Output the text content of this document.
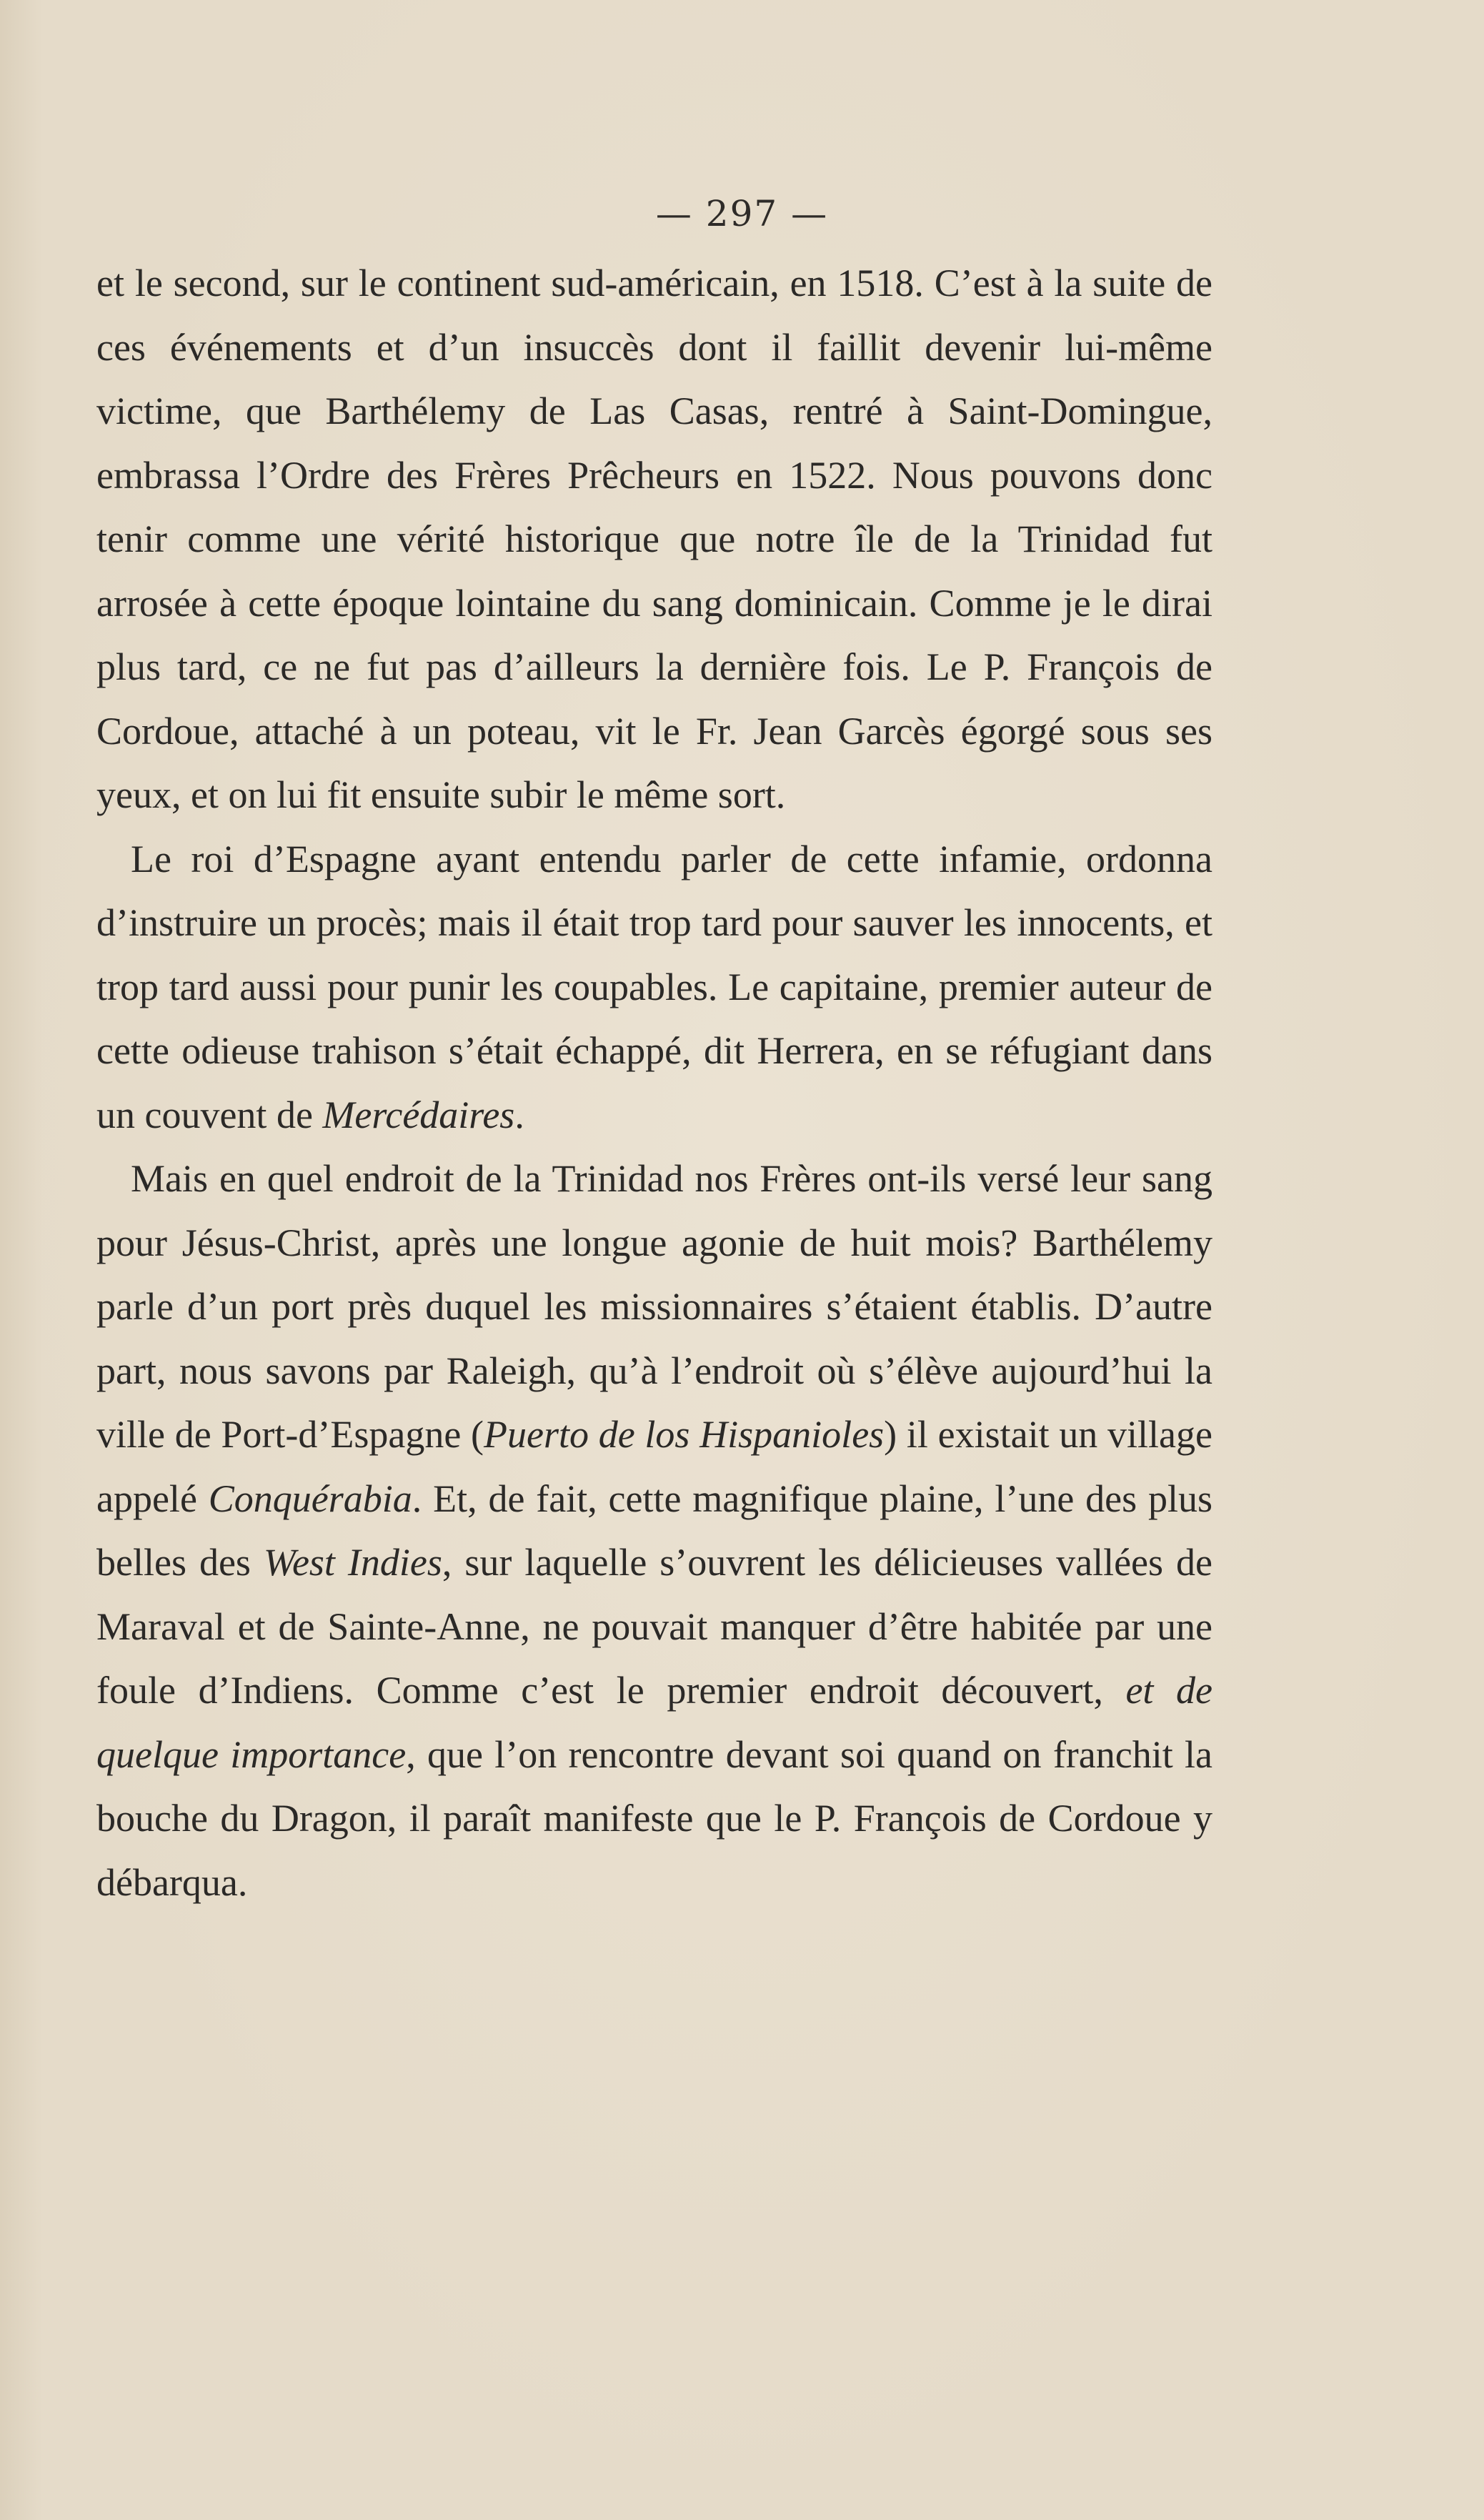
— 297 —

et le second, sur le continent sud-américain, en 1518. C’est à la suite de ces événements et d’un insuccès dont il faillit devenir lui-même victime, que Barthélemy de Las Casas, rentré à Saint-Domingue, embrassa l’Ordre des Frères Prêcheurs en 1522. Nous pouvons donc tenir comme une vérité historique que notre île de la Trinidad fut arrosée à cette époque lointaine du sang dominicain. Comme je le dirai plus tard, ce ne fut pas d’ailleurs la dernière fois. Le P. François de Cordoue, attaché à un poteau, vit le Fr. Jean Garcès égorgé sous ses yeux, et on lui fit ensuite subir le même sort.

Le roi d’Espagne ayant entendu parler de cette infamie, ordonna d’instruire un procès; mais il était trop tard pour sauver les innocents, et trop tard aussi pour punir les coupables. Le capitaine, premier auteur de cette odieuse trahison s’était échappé, dit Herrera, en se réfugiant dans un couvent de Mercédaires.

Mais en quel endroit de la Trinidad nos Frères ont-ils versé leur sang pour Jésus-Christ, après une longue agonie de huit mois? Barthélemy parle d’un port près duquel les missionnaires s’étaient établis. D’autre part, nous savons par Raleigh, qu’à l’endroit où s’élève aujourd’hui la ville de Port-d’Espagne (Puerto de los Hispanioles) il existait un village appelé Conquérabia. Et, de fait, cette magnifique plaine, l’une des plus belles des West Indies, sur laquelle s’ouvrent les délicieuses vallées de Maraval et de Sainte-Anne, ne pouvait manquer d’être habitée par une foule d’Indiens. Comme c’est le premier endroit découvert, et de quelque importance, que l’on rencontre devant soi quand on franchit la bouche du Dragon, il paraît manifeste que le P. François de Cordoue y débarqua.
